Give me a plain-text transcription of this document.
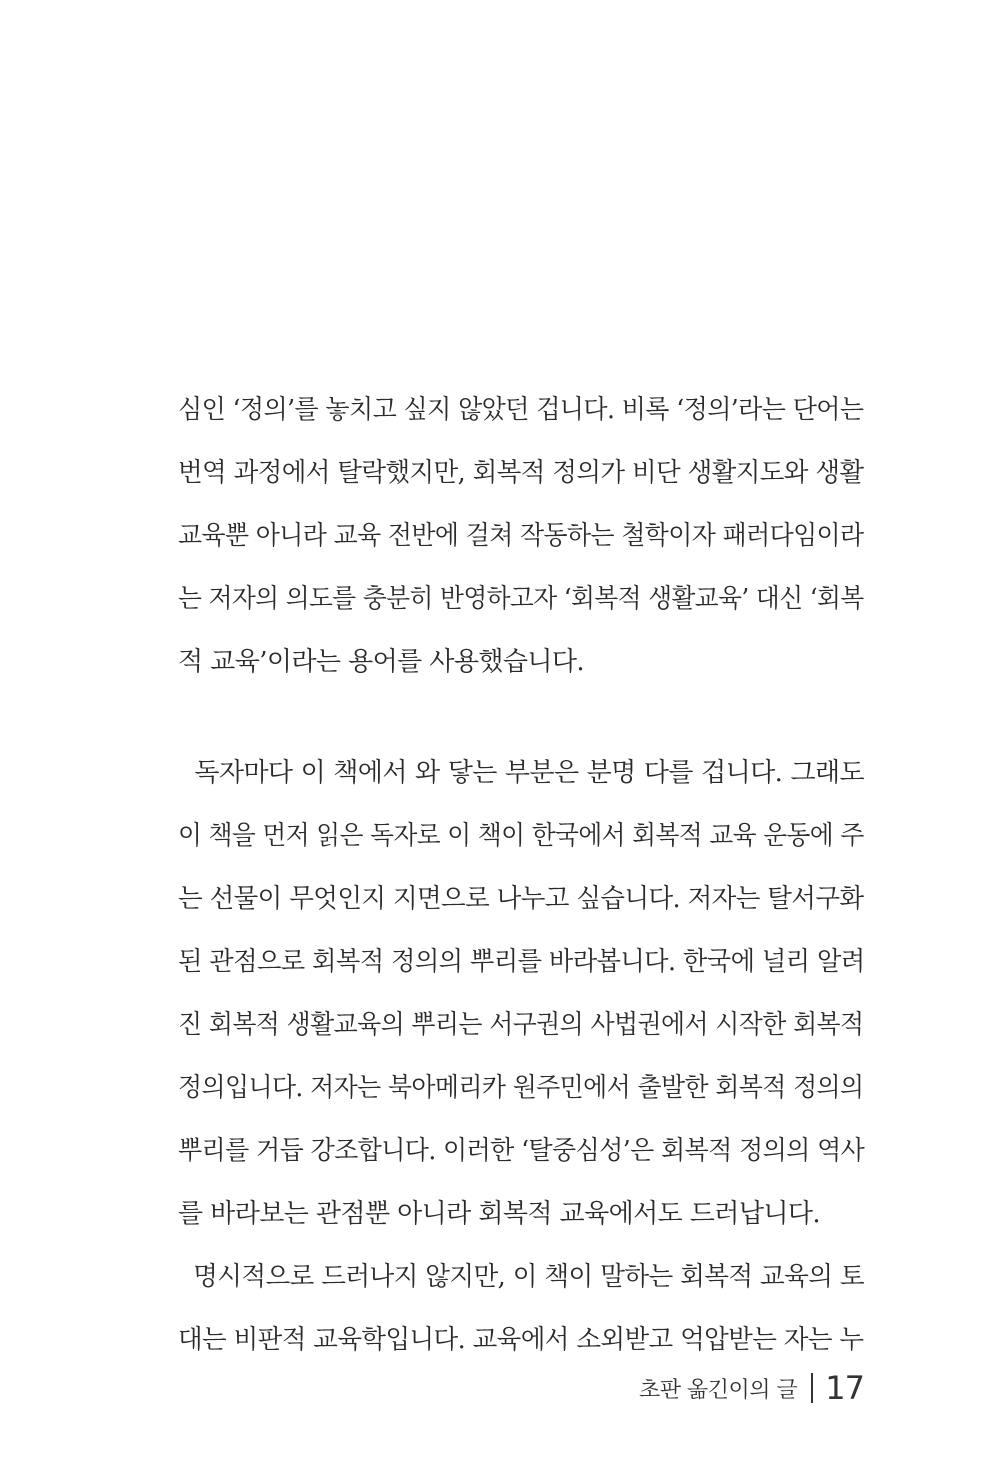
심인 ‘정의’를 놓치고 싶지 않았던 겁니다. 비록 ‘정의’라는 단어는
번역 과정에서 탈락했지만, 회복적 정의가 비단 생활지도와 생활
교육뿐 아니라 교육 전반에 걸쳐 작동하는 철학이자 패러다임이라
는 저자의 의도를 충분히 반영하고자 ‘회복적 생활교육’ 대신 ‘회복
적 교육’이라는 용어를 사용했습니다.
독자마다 이 책에서 와 닿는 부분은 분명 다를 겁니다. 그래도
이 책을 먼저 읽은 독자로 이 책이 한국에서 회복적 교육 운동에 주
는 선물이 무엇인지 지면으로 나누고 싶습니다. 저자는 탈서구화
된 관점으로 회복적 정의의 뿌리를 바라봅니다. 한국에 널리 알려
진 회복적 생활교육의 뿌리는 서구권의 사법권에서 시작한 회복적
정의입니다. 저자는 북아메리카 원주민에서 출발한 회복적 정의의
뿌리를 거듭 강조합니다. 이러한 ‘탈중심성’은 회복적 정의의 역사
를 바라보는 관점뿐 아니라 회복적 교육에서도 드러납니다.
명시적으로 드러나지 않지만, 이 책이 말하는 회복적 교육의 토
대는 비판적 교육학입니다. 교육에서 소외받고 억압받는 자는 누
초판 옮긴이의 글 17
